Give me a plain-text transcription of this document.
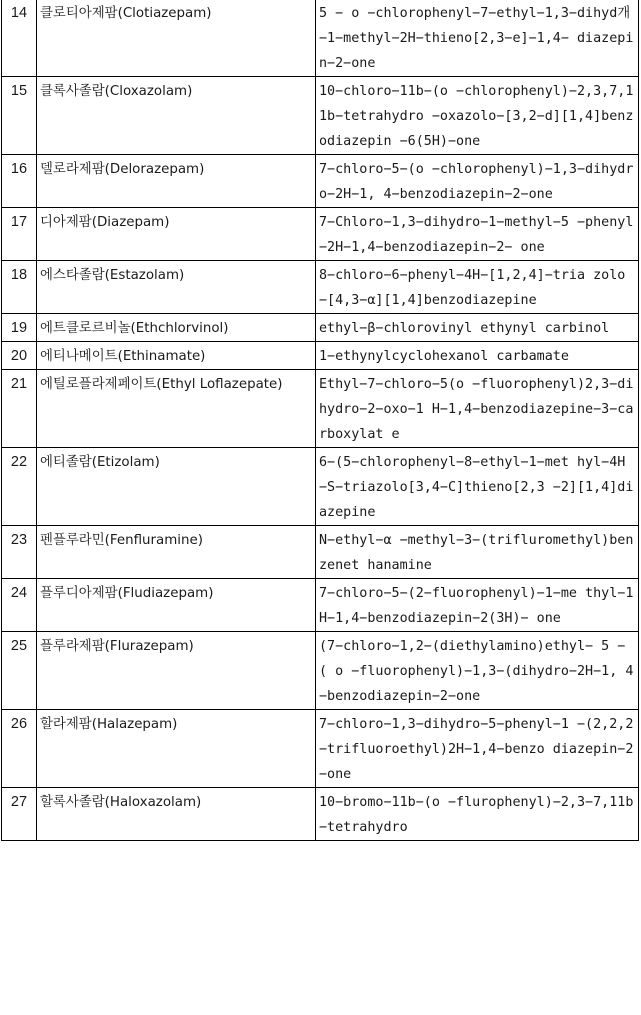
14	클로티아제팜(Clotiazepam)	5 − o −chlorophenyl−7−ethyl−1,3−dihyd개 −1−methyl−2H−thieno[2,3−e]−1,4− diazepin−2−one
15	클록사졸람(Cloxazolam)	10−chloro−11b−(o −chlorophenyl)−2,3,7,11b−tetrahydro −oxazolo−[3,2−d][1,4]benzodiazepin −6(5H)−one
16	델로라제팜(Delorazepam)	7−chloro−5−(o −chlorophenyl)−1,3−dihydro−2H−1, 4−benzodiazepin−2−one
17	디아제팜(Diazepam)	7−Chloro−1,3−dihydro−1−methyl−5 −phenyl−2H−1,4−benzodiazepin−2− one
18	에스타졸람(Estazolam)	8−chloro−6−phenyl−4H−[1,2,4]−tria zolo−[4,3−α][1,4]benzodiazepine
19	에트클로르비놀(Ethchlorvinol)	ethyl−β−chlorovinyl ethynyl carbinol
20	에티나메이트(Ethinamate)	1−ethynylcyclohexanol carbamate
21	에틸로플라제페이트(Ethyl Loflazepate)	Ethyl−7−chloro−5(o −fluorophenyl)2,3−dihydro−2−oxo−1 H−1,4−benzodiazepine−3−carboxylat e
22	에티졸람(Etizolam)	6−(5−chlorophenyl−8−ethyl−1−met hyl−4H−S−triazolo[3,4−C]thieno[2,3 −2][1,4]diazepine
23	펜플루라민(Fenfluramine)	N−ethyl−α −methyl−3−(trifluromethyl)benzenet hanamine
24	플루디아제팜(Fludiazepam)	7−chloro−5−(2−fluorophenyl)−1−me thyl−1H−1,4−benzodiazepin−2(3H)− one
25	플루라제팜(Flurazepam)	(7−chloro−1,2−(diethylamino)ethyl− 5 − ( o −fluorophenyl)−1,3−(dihydro−2H−1, 4−benzodiazepin−2−one
26	할라제팜(Halazepam)	7−chloro−1,3−dihydro−5−phenyl−1 −(2,2,2−trifluoroethyl)2H−1,4−benzo diazepin−2−one
27	할록사졸람(Haloxazolam)	10−bromo−11b−(o −flurophenyl)−2,3−7,11b−tetrahydro
